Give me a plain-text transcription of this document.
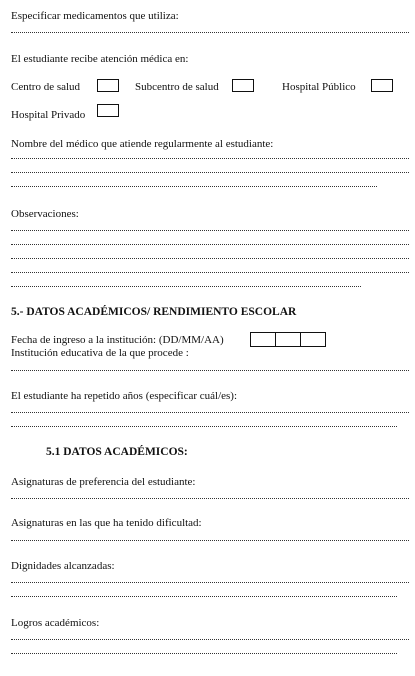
Especificar medicamentos que utiliza:
El estudiante recibe atención médica en:
Centro de salud	Subcentro de salud	Hospital Público
Hospital Privado
Nombre del médico que atiende regularmente al estudiante:
Observaciones:
5.- DATOS ACADÉMICOS/ RENDIMIENTO ESCOLAR
Fecha de ingreso a la institución: (DD/MM/AA)
Institución educativa de la que procede :
El estudiante ha repetido años (especificar cuál/es):
5.1 DATOS ACADÉMICOS:
Asignaturas de preferencia del estudiante:
Asignaturas en las que ha tenido dificultad:
Dignidades alcanzadas:
Logros académicos:
